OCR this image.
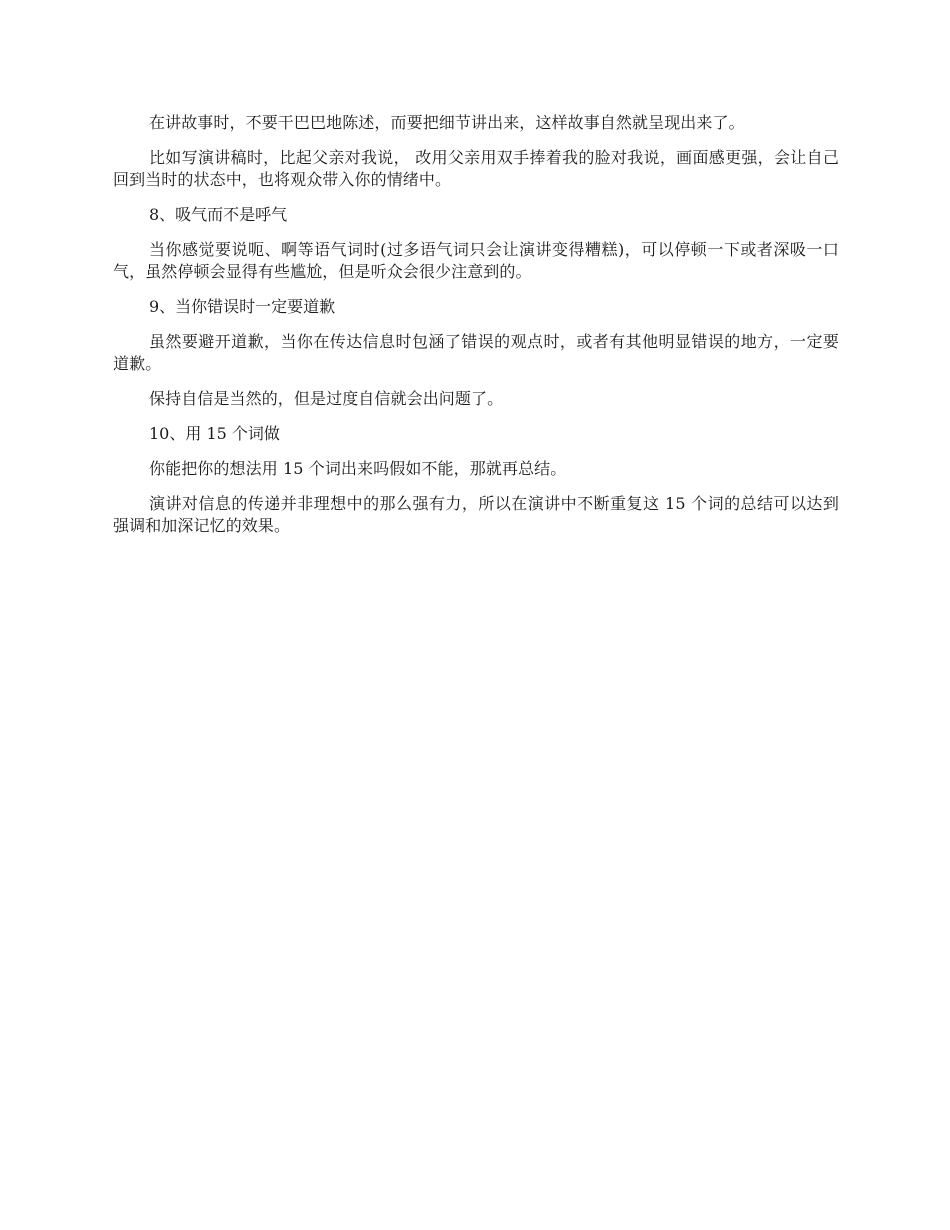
在讲故事时，不要干巴巴地陈述，而要把细节讲出来，这样故事自然就呈现出来了。

比如写演讲稿时，比起父亲对我说， 改用父亲用双手捧着我的脸对我说，画面感更强，会让自己回到当时的状态中，也将观众带入你的情绪中。

8、吸气而不是呼气

当你感觉要说呃、啊等语气词时(过多语气词只会让演讲变得糟糕)，可以停顿一下或者深吸一口气，虽然停顿会显得有些尴尬，但是听众会很少注意到的。

9、当你错误时一定要道歉

虽然要避开道歉，当你在传达信息时包涵了错误的观点时，或者有其他明显错误的地方，一定要道歉。

保持自信是当然的，但是过度自信就会出问题了。

10、用 15 个词做

你能把你的想法用 15 个词出来吗假如不能，那就再总结。

演讲对信息的传递并非理想中的那么强有力，所以在演讲中不断重复这 15 个词的总结可以达到强调和加深记忆的效果。
